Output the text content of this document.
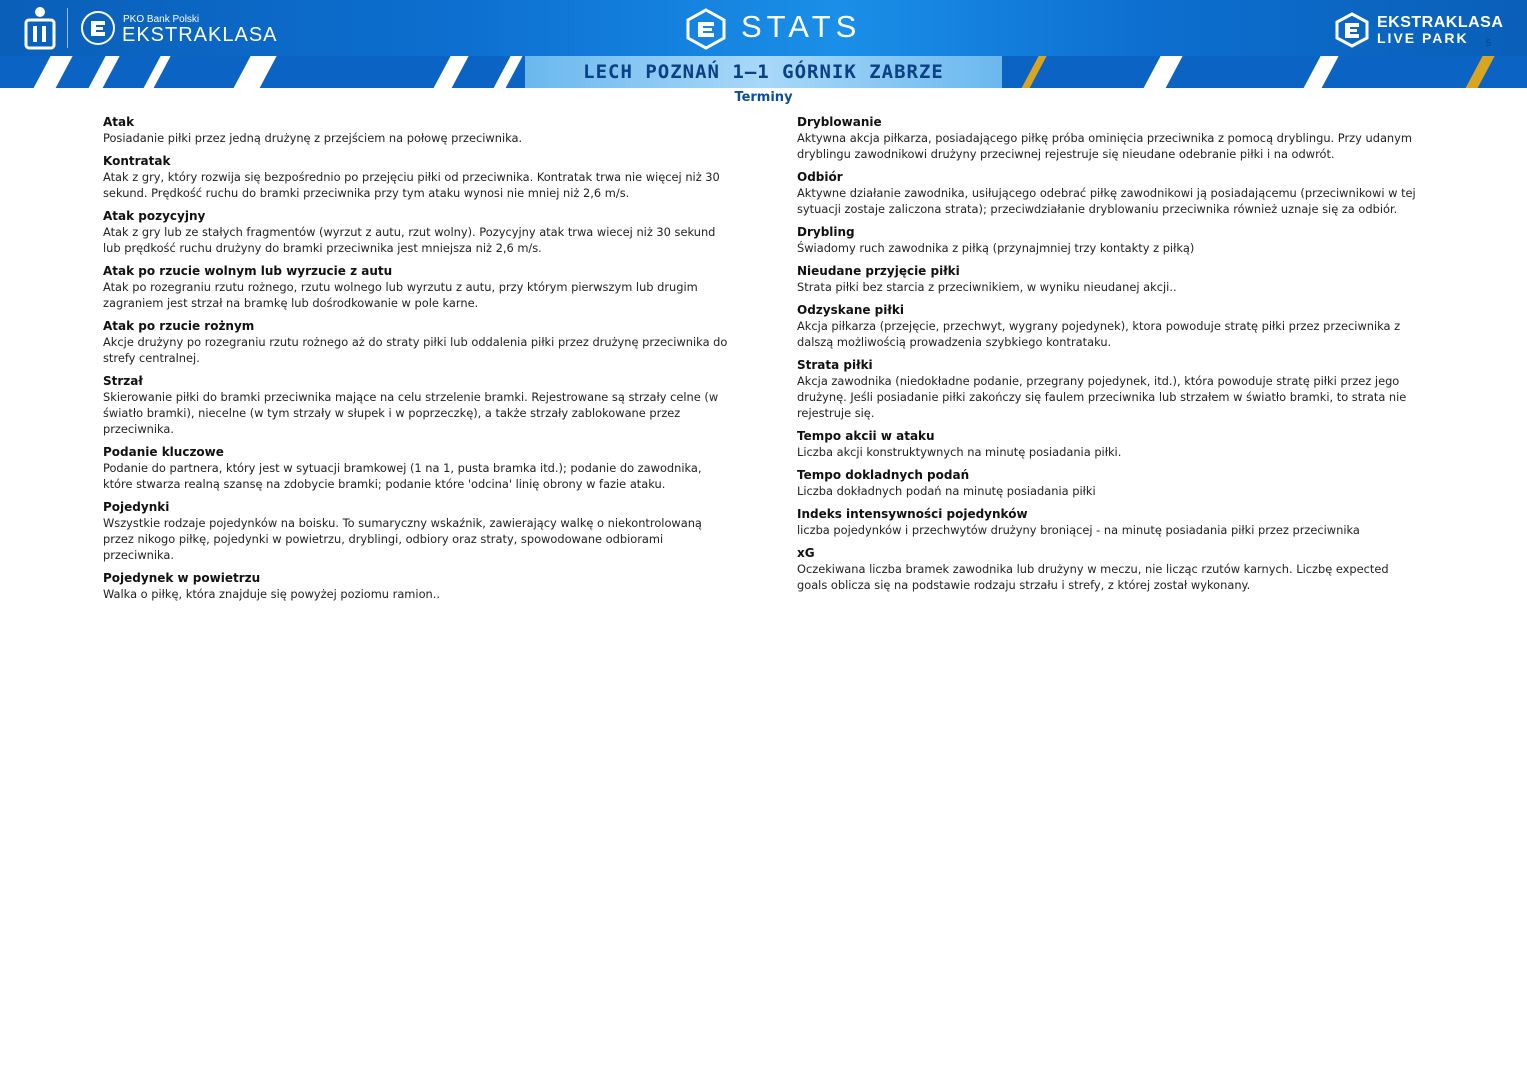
LECH POZNAŃ 1–1 GÓRNIK ZABRZE
PKO Bank Polski
EKSTRAKLASA	STATS	EKSTRAKLASA
LIVE PARK 5
Terminy
Atak
Posiadanie piłki przez jedną drużynę z przejściem na połowę przeciwnika.
Kontratak
Atak z gry, który rozwija się bezpośrednio po przejęciu piłki od przeciwnika. Kontratak trwa nie więcej niż 30 sekund. Prędkość ruchu do bramki przeciwnika przy tym ataku wynosi nie mniej niż 2,6 m/s.
Atak pozycyjny
Atak z gry lub ze stałych fragmentów (wyrzut z autu, rzut wolny). Pozycyjny atak trwa wiecej niż 30 sekund lub prędkość ruchu drużyny do bramki przeciwnika jest mniejsza niż 2,6 m/s.
Atak po rzucie wolnym lub wyrzucie z autu
Atak po rozegraniu rzutu rożnego, rzutu wolnego lub wyrzutu z autu, przy którym pierwszym lub drugim zagraniem jest strzał na bramkę lub dośrodkowanie w pole karne.
Atak po rzucie rożnym
Akcje drużyny po rozegraniu rzutu rożnego aż do straty piłki lub oddalenia piłki przez drużynę przeciwnika do strefy centralnej.
Strzał
Skierowanie piłki do bramki przeciwnika mające na celu strzelenie bramki. Rejestrowane są strzały celne (w światło bramki), niecelne (w tym strzały w słupek i w poprzeczkę), a także strzały zablokowane przez przeciwnika.
Podanie kluczowe
Podanie do partnera, który jest w sytuacji bramkowej (1 na 1, pusta bramka itd.); podanie do zawodnika, które stwarza realną szansę na zdobycie bramki; podanie które 'odcina' linię obrony w fazie ataku.
Pojedynki
Wszystkie rodzaje pojedynków na boisku. To sumaryczny wskaźnik, zawierający walkę o niekontrolowaną przez nikogo piłkę, pojedynki w powietrzu, dryblingi, odbiory oraz straty, spowodowane odbiorami przeciwnika.
Pojedynek w powietrzu
Walka o piłkę, która znajduje się powyżej poziomu ramion..
Dryblowanie
Aktywna akcja piłkarza, posiadającego piłkę próba ominięcia przeciwnika z pomocą dryblingu. Przy udanym dryblingu zawodnikowi drużyny przeciwnej rejestruje się nieudane odebranie piłki i na odwrót.
Odbiór
Aktywne działanie zawodnika, usiłującego odebrać piłkę zawodnikowi ją posiadającemu (przeciwnikowi w tej sytuacji zostaje zaliczona strata); przeciwdziałanie dryblowaniu przeciwnika również uznaje się za odbiór.
Drybling
Świadomy ruch zawodnika z piłką (przynajmniej trzy kontakty z piłką)
Nieudane przyjęcie piłki
Strata piłki bez starcia z przeciwnikiem, w wyniku nieudanej akcji..
Odzyskane piłki
Akcja piłkarza (przejęcie, przechwyt, wygrany pojedynek), ktora powoduje stratę piłki przez przeciwnika z dalszą możliwością prowadzenia szybkiego kontrataku.
Strata piłki
Akcja zawodnika (niedokładne podanie, przegrany pojedynek, itd.), która powoduje stratę piłki przez jego drużynę. Jeśli posiadanie piłki zakończy się faulem przeciwnika lub strzałem w światło bramki, to strata nie rejestruje się.
Tempo akcii w ataku
Liczba akcji konstruktywnych na minutę posiadania piłki.
Tempo dokladnych podań
Liczba dokładnych podań na minutę posiadania piłki
Indeks intensywności pojedynków
liczba pojedynków i przechwytów drużyny broniącej - na minutę posiadania piłki przez przeciwnika
xG
Oczekiwana liczba bramek zawodnika lub drużyny w meczu, nie licząc rzutów karnych. Liczbę expected goals oblicza się na podstawie rodzaju strzału i strefy, z której został wykonany.
